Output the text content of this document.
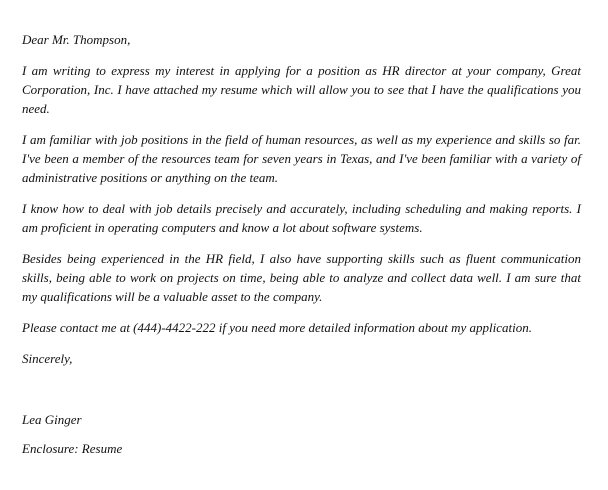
Dear Mr. Thompson,

I am writing to express my interest in applying for a position as HR director at your company, Great Corporation, Inc. I have attached my resume which will allow you to see that I have the qualifications you need.

I am familiar with job positions in the field of human resources, as well as my experience and skills so far. I've been a member of the resources team for seven years in Texas, and I've been familiar with a variety of administrative positions or anything on the team.

I know how to deal with job details precisely and accurately, including scheduling and making reports. I am proficient in operating computers and know a lot about software systems.

Besides being experienced in the HR field, I also have supporting skills such as fluent communication skills, being able to work on projects on time, being able to analyze and collect data well. I am sure that my qualifications will be a valuable asset to the company.

Please contact me at (444)-4422-222 if you need more detailed information about my application.

Sincerely,

Lea Ginger

Enclosure: Resume
